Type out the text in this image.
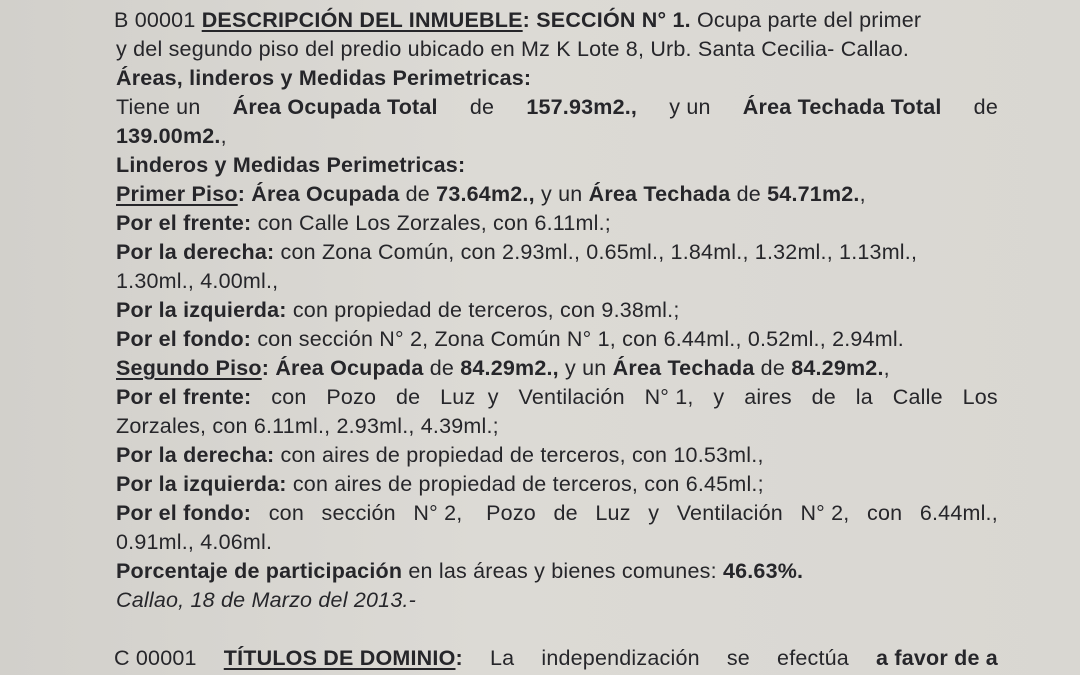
B 00001 DESCRIPCIÓN DEL INMUEBLE: SECCIÓN N° 1. Ocupa parte del primer
y del segundo piso del predio ubicado en Mz K Lote 8, Urb. Santa Cecilia- Callao.
Áreas, linderos y Medidas Perimetricas:
Tiene un Área Ocupada Total de 157.93m2., y un Área Techada Total de
139.00m2.,
Linderos y Medidas Perimetricas:
Primer Piso: Área Ocupada de 73.64m2., y un Área Techada de 54.71m2.,
Por el frente: con Calle Los Zorzales, con 6.11ml.;
Por la derecha: con Zona Común, con 2.93ml., 0.65ml., 1.84ml., 1.32ml., 1.13ml.,
1.30ml., 4.00ml.,
Por la izquierda: con propiedad de terceros, con 9.38ml.;
Por el fondo: con sección N° 2, Zona Común N° 1, con 6.44ml., 0.52ml., 2.94ml.
Segundo Piso: Área Ocupada de 84.29m2., y un Área Techada de 84.29m2.,
Por el frente: con Pozo de Luz  y Ventilación N° 1, y aires de la Calle Los
Zorzales, con 6.11ml., 2.93ml., 4.39ml.;
Por la derecha: con aires de propiedad de terceros, con 10.53ml.,
Por la izquierda: con aires de propiedad de terceros, con 6.45ml.;
Por el fondo: con sección N° 2, Pozo de Luz y Ventilación N° 2, con 6.44ml.,
0.91ml., 4.06ml.
Porcentaje de participación en las áreas y bienes comunes: 46.63%.
Callao, 18 de Marzo del 2013.-
C 00001 TÍTULOS DE DOMINIO: La independización se efectúa a favor de a
